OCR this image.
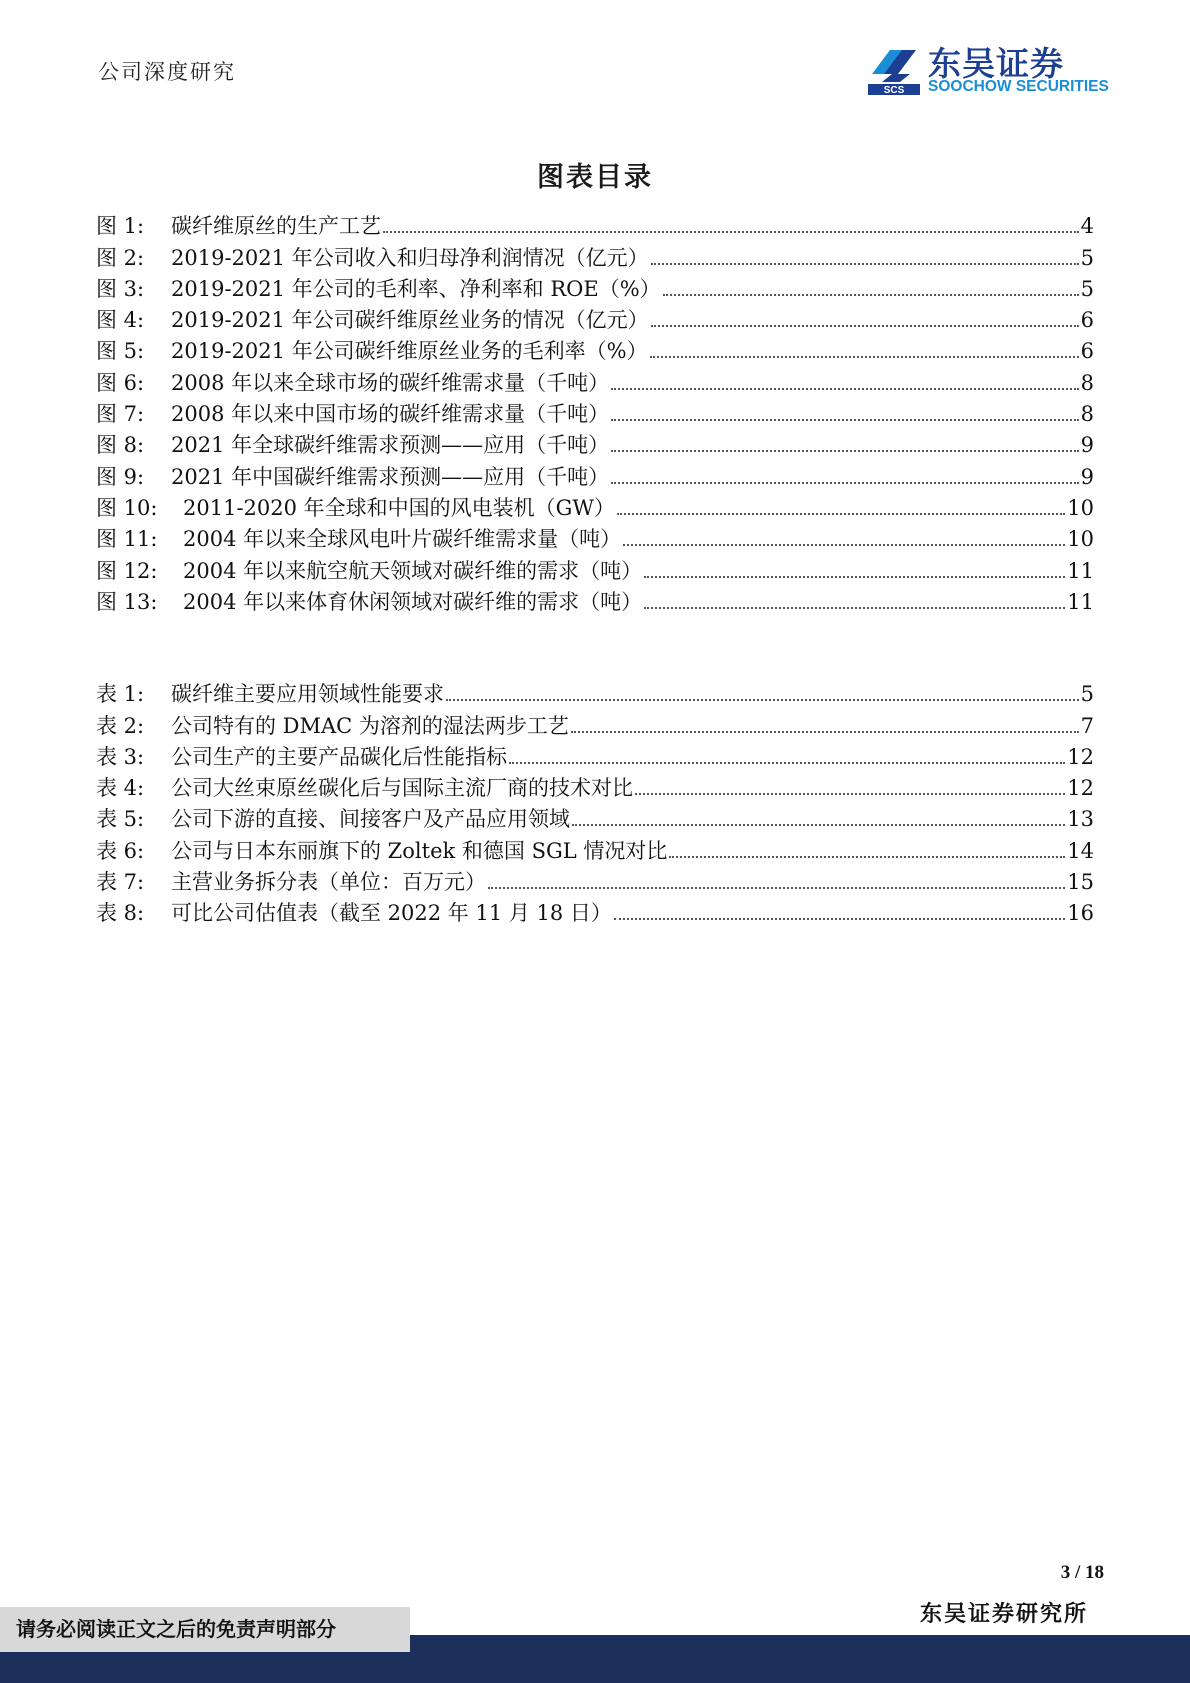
公司深度研究
SCS
东吴证券
SOOCHOW SECURITIES
图表目录
图 1:	碳纤维原丝的生产工艺	4
图 2:	2019-2021 年公司收入和归母净利润情况（亿元）	5
图 3:	2019-2021 年公司的毛利率、净利率和 ROE（%）	5
图 4:	2019-2021 年公司碳纤维原丝业务的情况（亿元）	6
图 5:	2019-2021 年公司碳纤维原丝业务的毛利率（%）	6
图 6:	2008 年以来全球市场的碳纤维需求量（千吨）	8
图 7:	2008 年以来中国市场的碳纤维需求量（千吨）	8
图 8:	2021 年全球碳纤维需求预测——应用（千吨）	9
图 9:	2021 年中国碳纤维需求预测——应用（千吨）	9
图 10:	2011-2020 年全球和中国的风电装机（GW）	10
图 11:	2004 年以来全球风电叶片碳纤维需求量（吨）	10
图 12:	2004 年以来航空航天领域对碳纤维的需求（吨）	11
图 13:	2004 年以来体育休闲领域对碳纤维的需求（吨）	11
表 1:	碳纤维主要应用领域性能要求	5
表 2:	公司特有的 DMAC 为溶剂的湿法两步工艺	7
表 3:	公司生产的主要产品碳化后性能指标	12
表 4:	公司大丝束原丝碳化后与国际主流厂商的技术对比	12
表 5:	公司下游的直接、间接客户及产品应用领域	13
表 6:	公司与日本东丽旗下的 Zoltek 和德国 SGL 情况对比	14
表 7:	主营业务拆分表（单位：百万元）	15
表 8:	可比公司估值表（截至 2022 年 11 月 18 日）	16
3 / 18
东吴证券研究所
请务必阅读正文之后的免责声明部分
